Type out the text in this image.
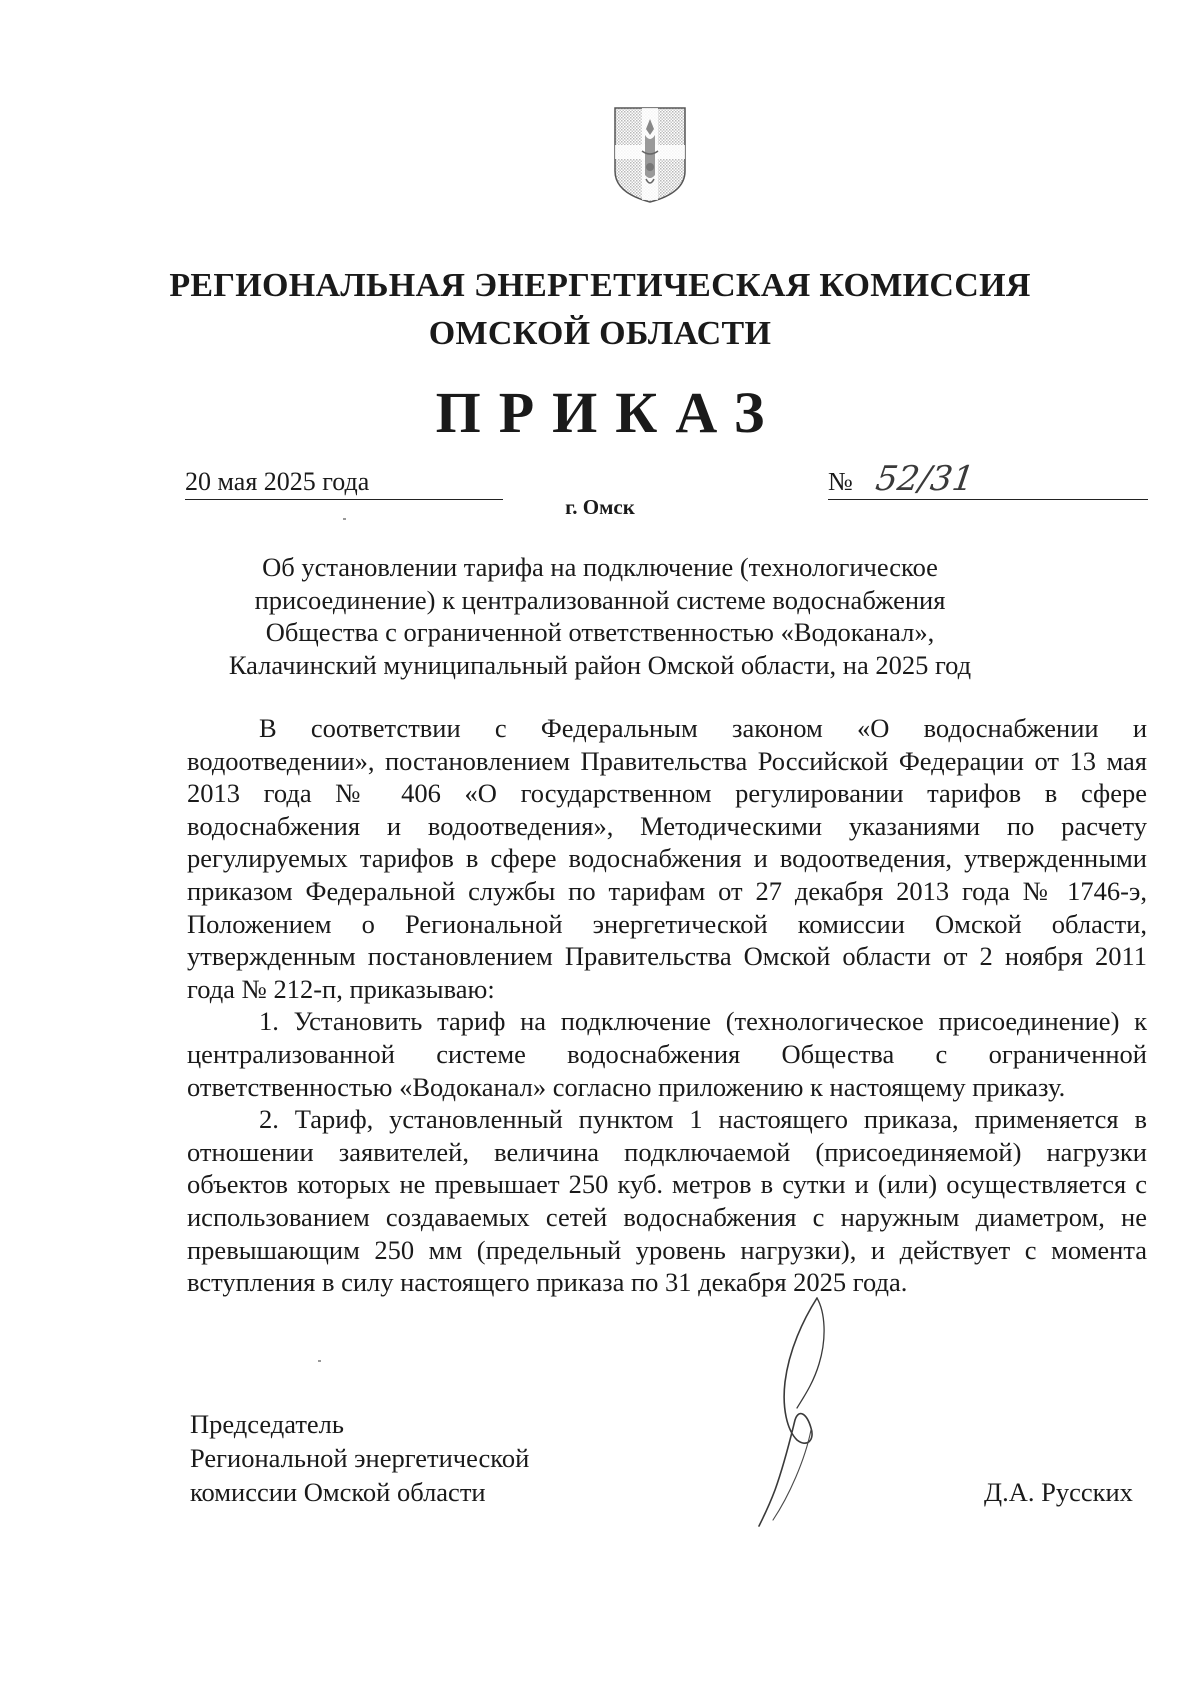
РЕГИОНАЛЬНАЯ ЭНЕРГЕТИЧЕСКАЯ КОМИССИЯ
ОМСКОЙ ОБЛАСТИ
ПРИКАЗ
20 мая 2025 года	№ 52/31
г. Омск
Об установлении тарифа на подключение (технологическое
присоединение) к централизованной системе водоснабжения
Общества с ограниченной ответственностью «Водоканал»,
Калачинский муниципальный район Омской области, на 2025 год

В соответствии с Федеральным законом «О водоснабжении и водоотведении», постановлением Правительства Российской Федерации от 13 мая 2013 года № 406 «О государственном регулировании тарифов в сфере водоснабжения и водоотведения», Методическими указаниями по расчету регулируемых тарифов в сфере водоснабжения и водоотведения, утвержденными приказом Федеральной службы по тарифам от 27 декабря 2013 года № 1746-э, Положением о Региональной энергетической комиссии Омской области, утвержденным постановлением Правительства Омской области от 2 ноября 2011 года № 212-п, приказываю:

1. Установить тариф на подключение (технологическое присоединение) к централизованной системе водоснабжения Общества с ограниченной ответственностью «Водоканал» согласно приложению к настоящему приказу.

2. Тариф, установленный пунктом 1 настоящего приказа, применяется в отношении заявителей, величина подключаемой (присоединяемой) нагрузки объектов которых не превышает 250 куб. метров в сутки и (или) осуществляется с использованием создаваемых сетей водоснабжения с наружным диаметром, не превышающим 250 мм (предельный уровень нагрузки), и действует с момента вступления в силу настоящего приказа по 31 декабря 2025 года.

Председатель
Региональной энергетической
комиссии Омской области	Д.А. Русских
